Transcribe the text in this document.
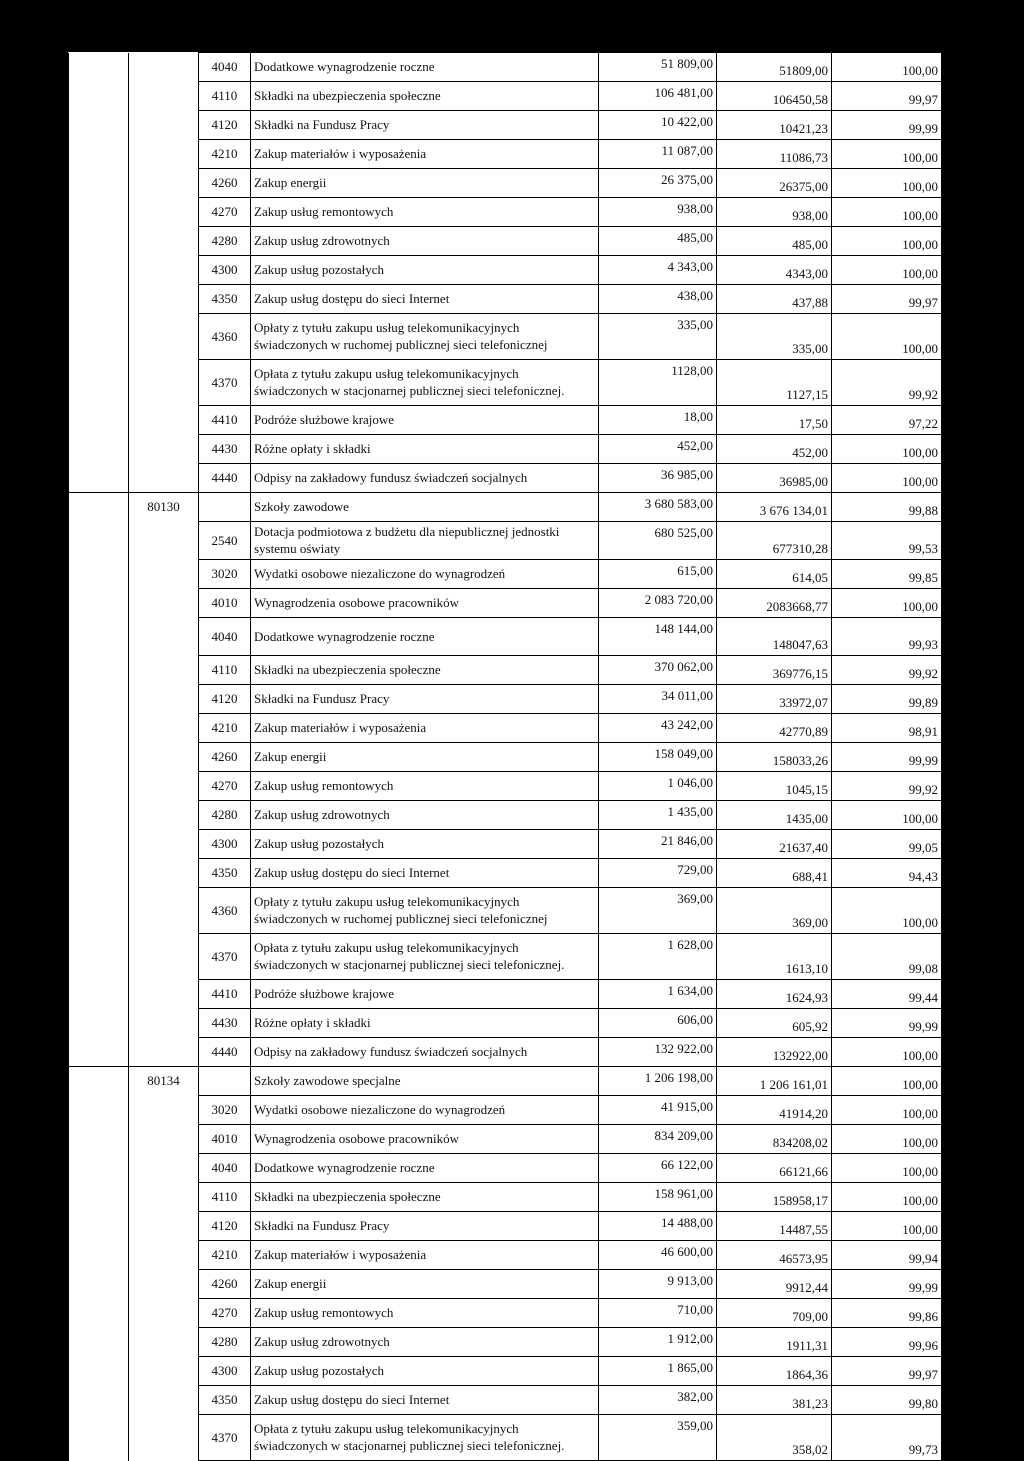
		4040	Dodatkowe wynagrodzenie roczne	51 809,00	51809,00	100,00
		4110	Składki na ubezpieczenia społeczne	106 481,00	106450,58	99,97
		4120	Składki na Fundusz Pracy	10 422,00	10421,23	99,99
		4210	Zakup materiałów i wyposażenia	11 087,00	11086,73	100,00
		4260	Zakup energii	26 375,00	26375,00	100,00
		4270	Zakup usług remontowych	938,00	938,00	100,00
		4280	Zakup usług zdrowotnych	485,00	485,00	100,00
		4300	Zakup usług pozostałych	4 343,00	4343,00	100,00
		4350	Zakup usług dostępu do sieci Internet	438,00	437,88	99,97
		4360	Opłaty z tytułu zakupu usług telekomunikacyjnych świadczonych w ruchomej publicznej sieci telefonicznej	335,00	335,00	100,00
		4370	Opłata z tytułu zakupu usług telekomunikacyjnych świadczonych w stacjonarnej publicznej sieci telefonicznej.	1128,00	1127,15	99,92
		4410	Podróże służbowe krajowe	18,00	17,50	97,22
		4430	Różne opłaty i składki	452,00	452,00	100,00
		4440	Odpisy na zakładowy fundusz świadczeń socjalnych	36 985,00	36985,00	100,00
	80130		Szkoły zawodowe	3 680 583,00	3 676 134,01	99,88
		2540	Dotacja podmiotowa z budżetu dla niepublicznej jednostki systemu oświaty	680 525,00	677310,28	99,53
		3020	Wydatki osobowe niezaliczone do wynagrodzeń	615,00	614,05	99,85
		4010	Wynagrodzenia osobowe pracowników	2 083 720,00	2083668,77	100,00
		4040	Dodatkowe wynagrodzenie roczne	148 144,00	148047,63	99,93
		4110	Składki na ubezpieczenia społeczne	370 062,00	369776,15	99,92
		4120	Składki na Fundusz Pracy	34 011,00	33972,07	99,89
		4210	Zakup materiałów i wyposażenia	43 242,00	42770,89	98,91
		4260	Zakup energii	158 049,00	158033,26	99,99
		4270	Zakup usług remontowych	1 046,00	1045,15	99,92
		4280	Zakup usług zdrowotnych	1 435,00	1435,00	100,00
		4300	Zakup usług pozostałych	21 846,00	21637,40	99,05
		4350	Zakup usług dostępu do sieci Internet	729,00	688,41	94,43
		4360	Opłaty z tytułu zakupu usług telekomunikacyjnych świadczonych w ruchomej publicznej sieci telefonicznej	369,00	369,00	100,00
		4370	Opłata z tytułu zakupu usług telekomunikacyjnych świadczonych w stacjonarnej publicznej sieci telefonicznej.	1 628,00	1613,10	99,08
		4410	Podróże służbowe krajowe	1 634,00	1624,93	99,44
		4430	Różne opłaty i składki	606,00	605,92	99,99
		4440	Odpisy na zakładowy fundusz świadczeń socjalnych	132 922,00	132922,00	100,00
	80134		Szkoły zawodowe specjalne	1 206 198,00	1 206 161,01	100,00
		3020	Wydatki osobowe niezaliczone do wynagrodzeń	41 915,00	41914,20	100,00
		4010	Wynagrodzenia osobowe pracowników	834 209,00	834208,02	100,00
		4040	Dodatkowe wynagrodzenie roczne	66 122,00	66121,66	100,00
		4110	Składki na ubezpieczenia społeczne	158 961,00	158958,17	100,00
		4120	Składki na Fundusz Pracy	14 488,00	14487,55	100,00
		4210	Zakup materiałów i wyposażenia	46 600,00	46573,95	99,94
		4260	Zakup energii	9 913,00	9912,44	99,99
		4270	Zakup usług remontowych	710,00	709,00	99,86
		4280	Zakup usług zdrowotnych	1 912,00	1911,31	99,96
		4300	Zakup usług pozostałych	1 865,00	1864,36	99,97
		4350	Zakup usług dostępu do sieci Internet	382,00	381,23	99,80
		4370	Opłata z tytułu zakupu usług telekomunikacyjnych świadczonych w stacjonarnej publicznej sieci telefonicznej.	359,00	358,02	99,73
